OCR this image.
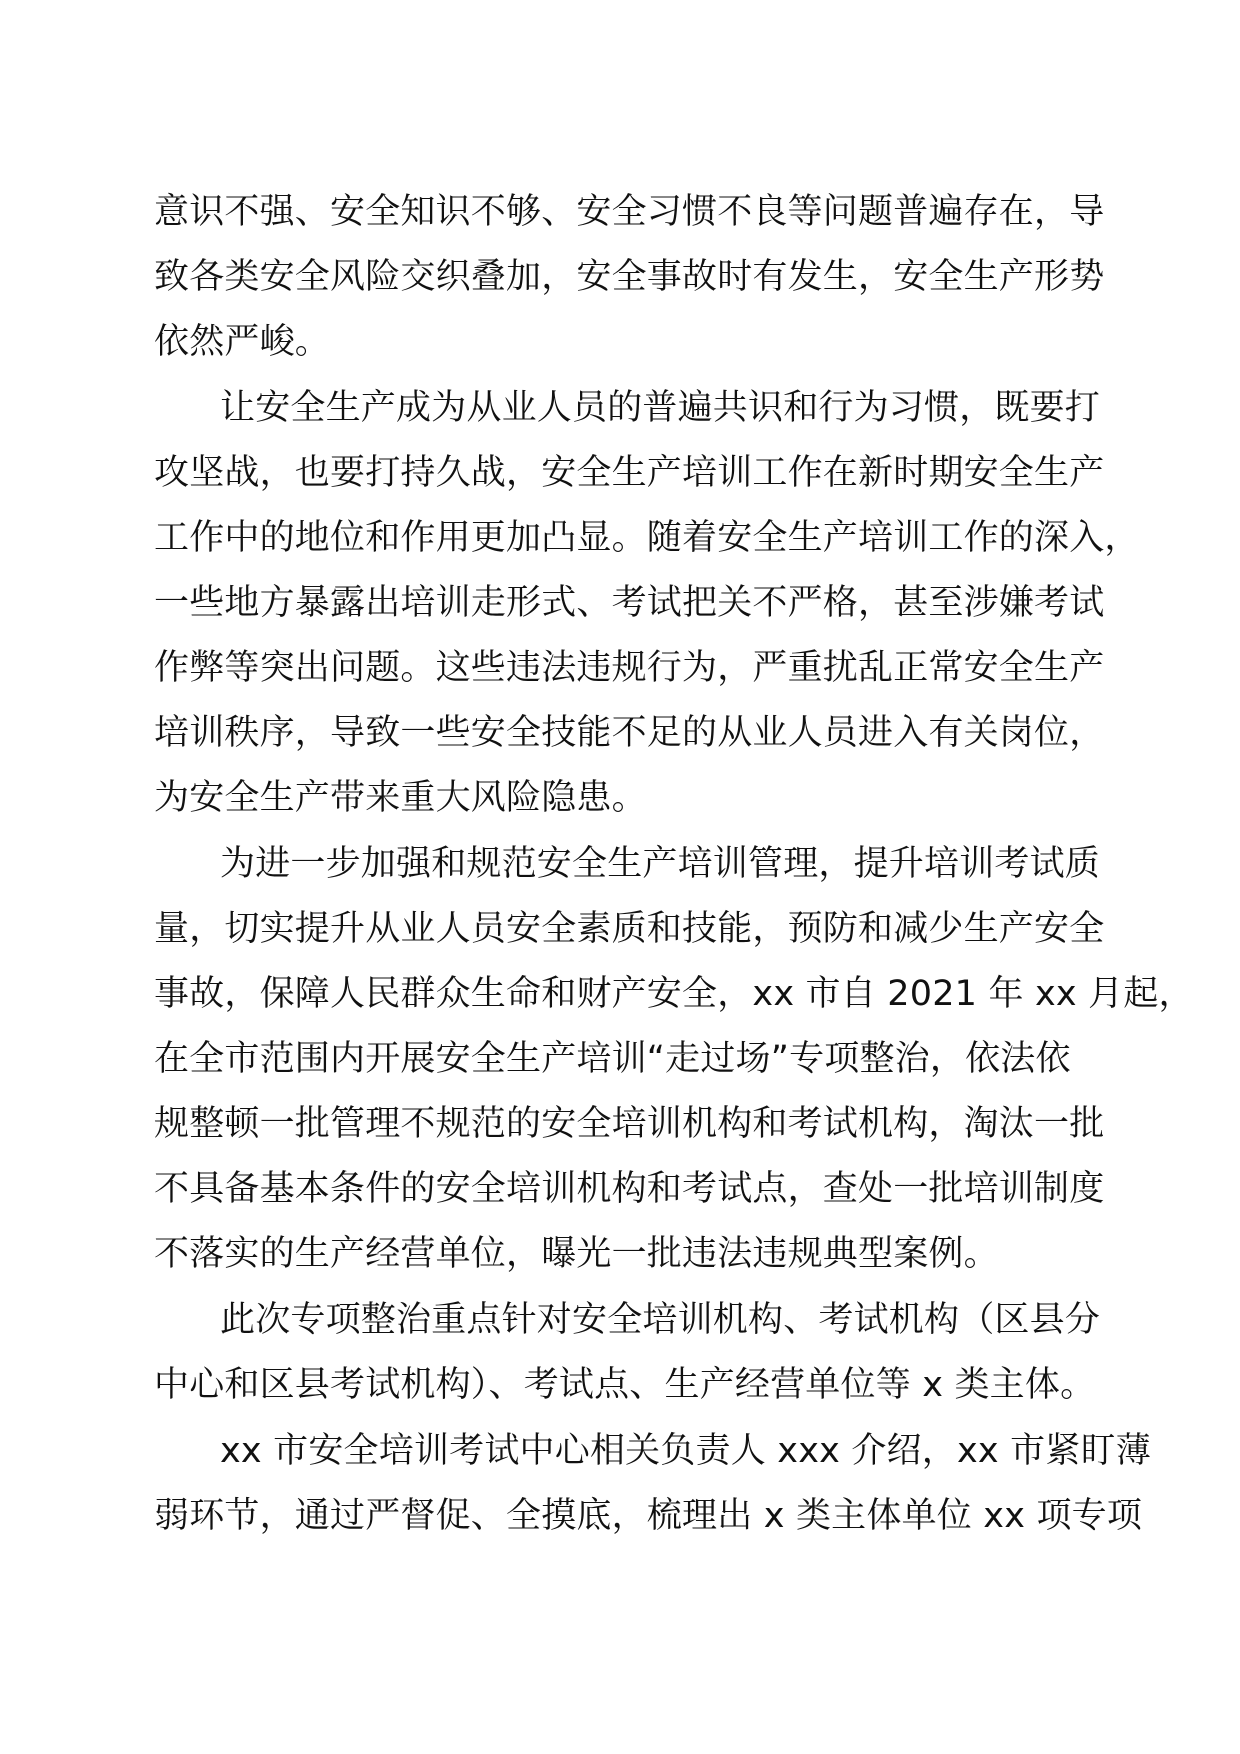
意识不强、安全知识不够、安全习惯不良等问题普遍存在，导
致各类安全风险交织叠加，安全事故时有发生，安全生产形势
依然严峻。
让安全生产成为从业人员的普遍共识和行为习惯，既要打
攻坚战，也要打持久战，安全生产培训工作在新时期安全生产
工作中的地位和作用更加凸显。随着安全生产培训工作的深入，
一些地方暴露出培训走形式、考试把关不严格，甚至涉嫌考试
作弊等突出问题。这些违法违规行为，严重扰乱正常安全生产
培训秩序，导致一些安全技能不足的从业人员进入有关岗位，
为安全生产带来重大风险隐患。
为进一步加强和规范安全生产培训管理，提升培训考试质
量，切实提升从业人员安全素质和技能，预防和减少生产安全
事故，保障人民群众生命和财产安全，xx 市自 2021 年 xx 月起，
在全市范围内开展安全生产培训“走过场”专项整治，依法依
规整顿一批管理不规范的安全培训机构和考试机构，淘汰一批
不具备基本条件的安全培训机构和考试点，查处一批培训制度
不落实的生产经营单位，曝光一批违法违规典型案例。
此次专项整治重点针对安全培训机构、考试机构（区县分
中心和区县考试机构）、考试点、生产经营单位等 x 类主体。
xx 市安全培训考试中心相关负责人 xxx 介绍，xx 市紧盯薄
弱环节，通过严督促、全摸底，梳理出 x 类主体单位 xx 项专项
